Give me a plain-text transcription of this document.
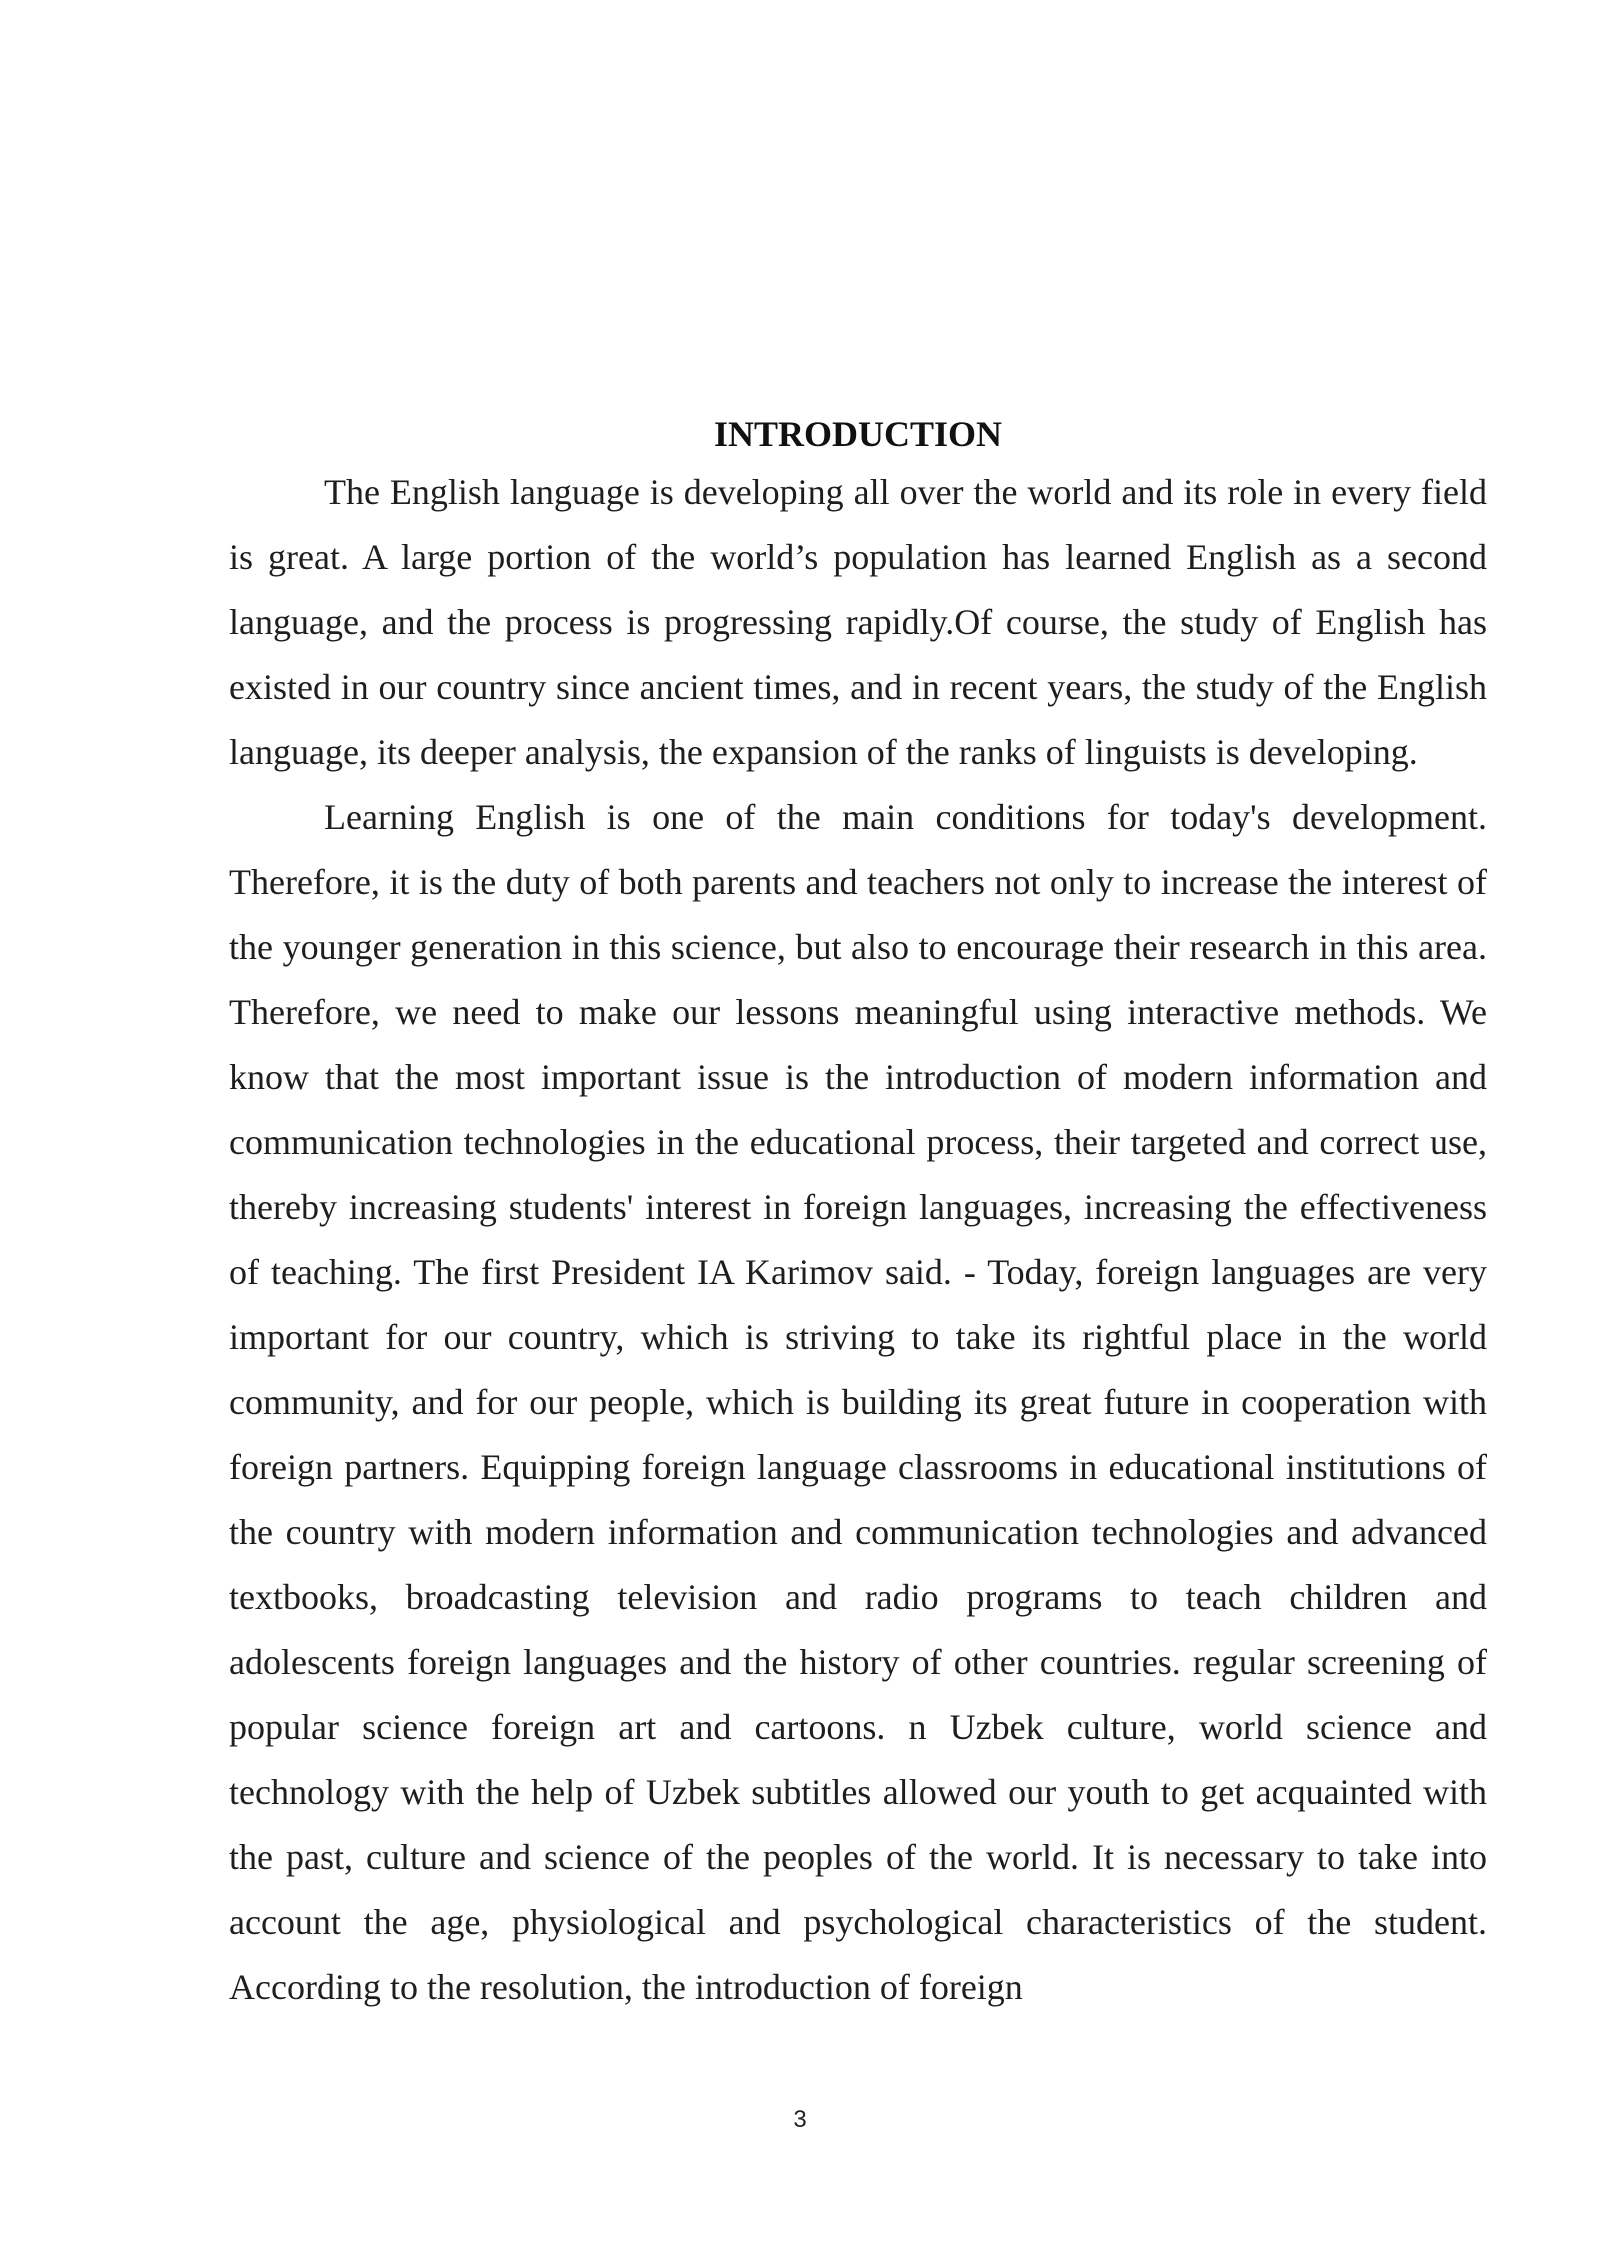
INTRODUCTION

The English language is developing all over the world and its role in every field is great. A large portion of the world’s population has learned English as a second language, and the process is progressing rapidly.Of course, the study of English has existed in our country since ancient times, and in recent years, the study of the English language, its deeper analysis, the expansion of the ranks of linguists is developing.

Learning English is one of the main conditions for today's development. Therefore, it is the duty of both parents and teachers not only to increase the interest of the younger generation in this science, but also to encourage their research in this area. Therefore, we need to make our lessons meaningful using interactive methods. We know that the most important issue is the introduction of modern information and communication technologies in the educational process, their targeted and correct use, thereby increasing students' interest in foreign languages, increasing the effectiveness of teaching. The first President IA Karimov said. - Today, foreign languages are very important for our country, which is striving to take its rightful place in the world community, and for our people, which is building its great future in cooperation with foreign partners. Equipping foreign language classrooms in educational institutions of the country with modern information and communication technologies and advanced textbooks, broadcasting television and radio programs to teach children and adolescents foreign languages and the history of other countries. regular screening of popular science foreign art and cartoons. n Uzbek culture, world science and technology with the help of Uzbek subtitles allowed our youth to get acquainted with the past, culture and science of the peoples of the world. It is necessary to take into account the age, physiological and psychological characteristics of the student. According to the resolution, the introduction of foreign

3
